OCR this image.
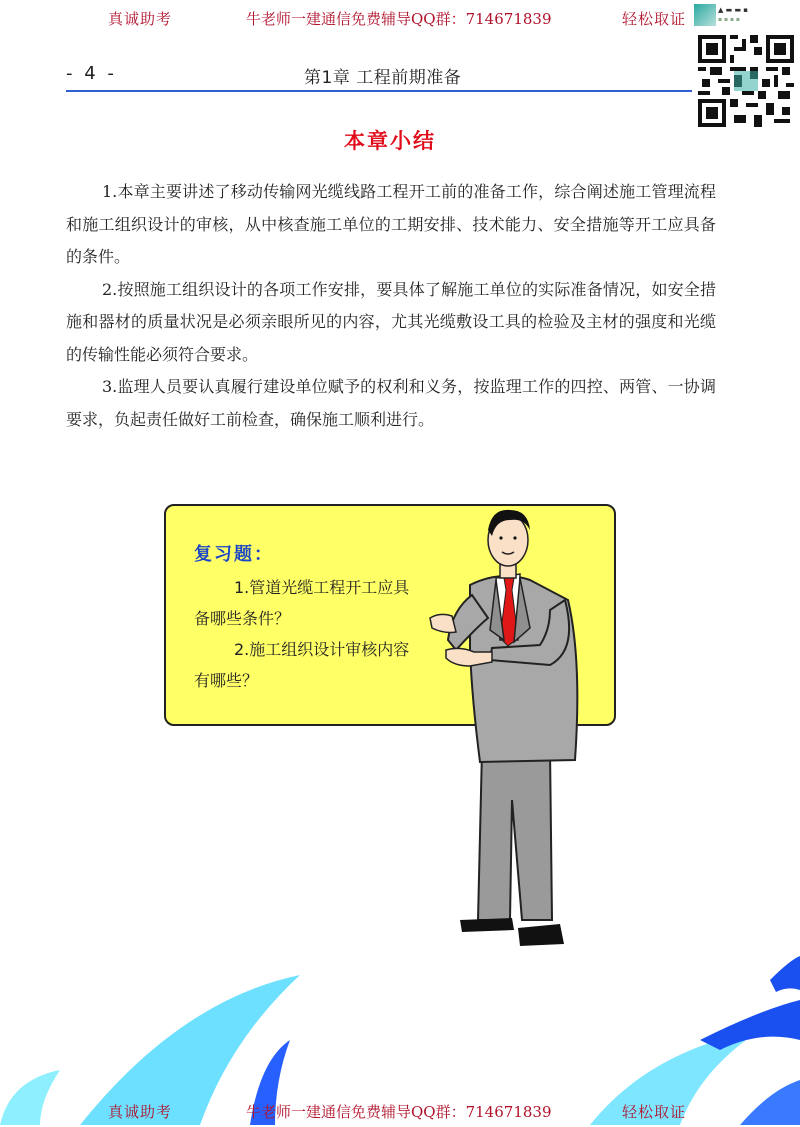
真诚助考	牛老师一建通信免费辅导QQ群：714671839	轻松取证	▲ ▬ ▬ ▪
▪ ▪ ▪ ▪
- 4 -	第1章 工程前期准备
本章小结

1.本章主要讲述了移动传输网光缆线路工程开工前的准备工作，综合阐述施工管理流程和施工组织设计的审核，从中核查施工单位的工期安排、技术能力、安全措施等开工应具备的条件。

2.按照施工组织设计的各项工作安排，要具体了解施工单位的实际准备情况，如安全措施和器材的质量状况是必须亲眼所见的内容，尤其光缆敷设工具的检验及主材的强度和光缆的传输性能必须符合要求。

3.监理人员要认真履行建设单位赋予的权利和义务，按监理工作的四控、两管、一协调 要求，负起责任做好工前检查，确保施工顺利进行。

复习题：
1.管道光缆工程开工应具备哪些条件？
2.施工组织设计审核内容有哪些？
真诚助考	牛老师一建通信免费辅导QQ群：714671839	轻松取证
